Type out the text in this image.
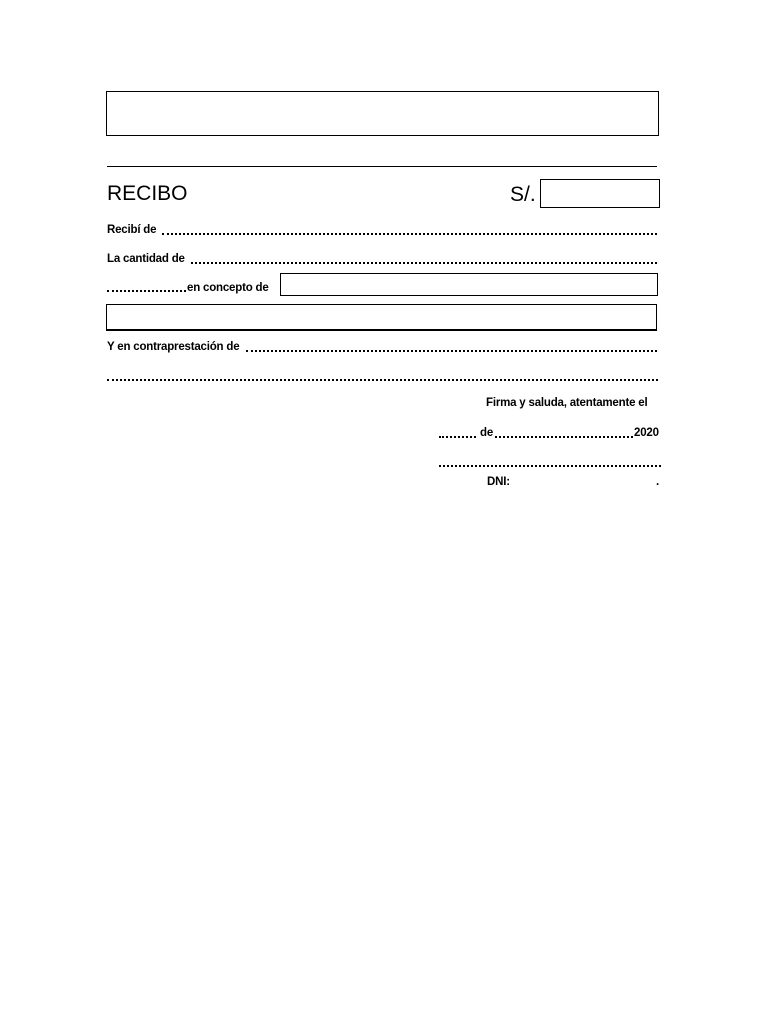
RECIBO	S/.
Recibí de
La cantidad de
en concepto de
Y en contraprestación de
Firma y saluda, atentamente el
de	2020
DNI:	.
